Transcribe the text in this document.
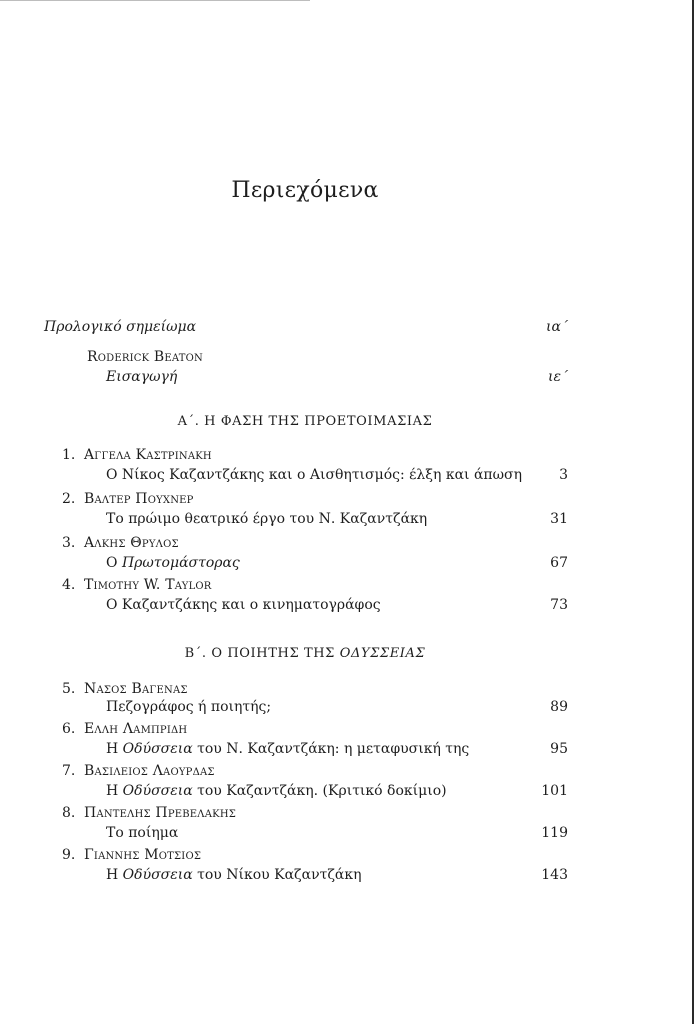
Περιεχόμενα
Προλογικό σημείωμα	ια΄
Roderick Beaton
Εισαγωγή	ιε΄
Α΄. Η ΦΑΣΗ ΤΗΣ ΠΡΟΕΤΟΙΜΑΣΙΑΣ
1. Αγγελα Καστρινακη
Ο Νίκος Καζαντζάκης και ο Αισθητισμός: έλξη και άπωση	3
2. Βαλτερ Πουχνερ
Το πρώιμο θεατρικό έργο του Ν. Καζαντζάκη	31
3. Αλκης Θρυλος
Ο Πρωτομάστορας	67
4. Timothy W. Taylor
Ο Καζαντζάκης και ο κινηματογράφος	73
Β΄. Ο ΠΟΙΗΤΗΣ ΤΗΣ ΟΔΥΣΣΕΙΑΣ
5. Νασος Βαγενας
Πεζογράφος ή ποιητής;	89
6. Ελλη Λαμπριδη
Η Οδύσσεια του Ν. Καζαντζάκη: η μεταφυσική της	95
7. Βασιλειος Λαουρδας
Η Οδύσσεια του Καζαντζάκη. (Κριτικό δοκίμιο)	101
8. Παντελης Πρεβελακης
Το ποίημα	119
9. Γιαννης Μοτσιος
Η Οδύσσεια του Νίκου Καζαντζάκη	143
